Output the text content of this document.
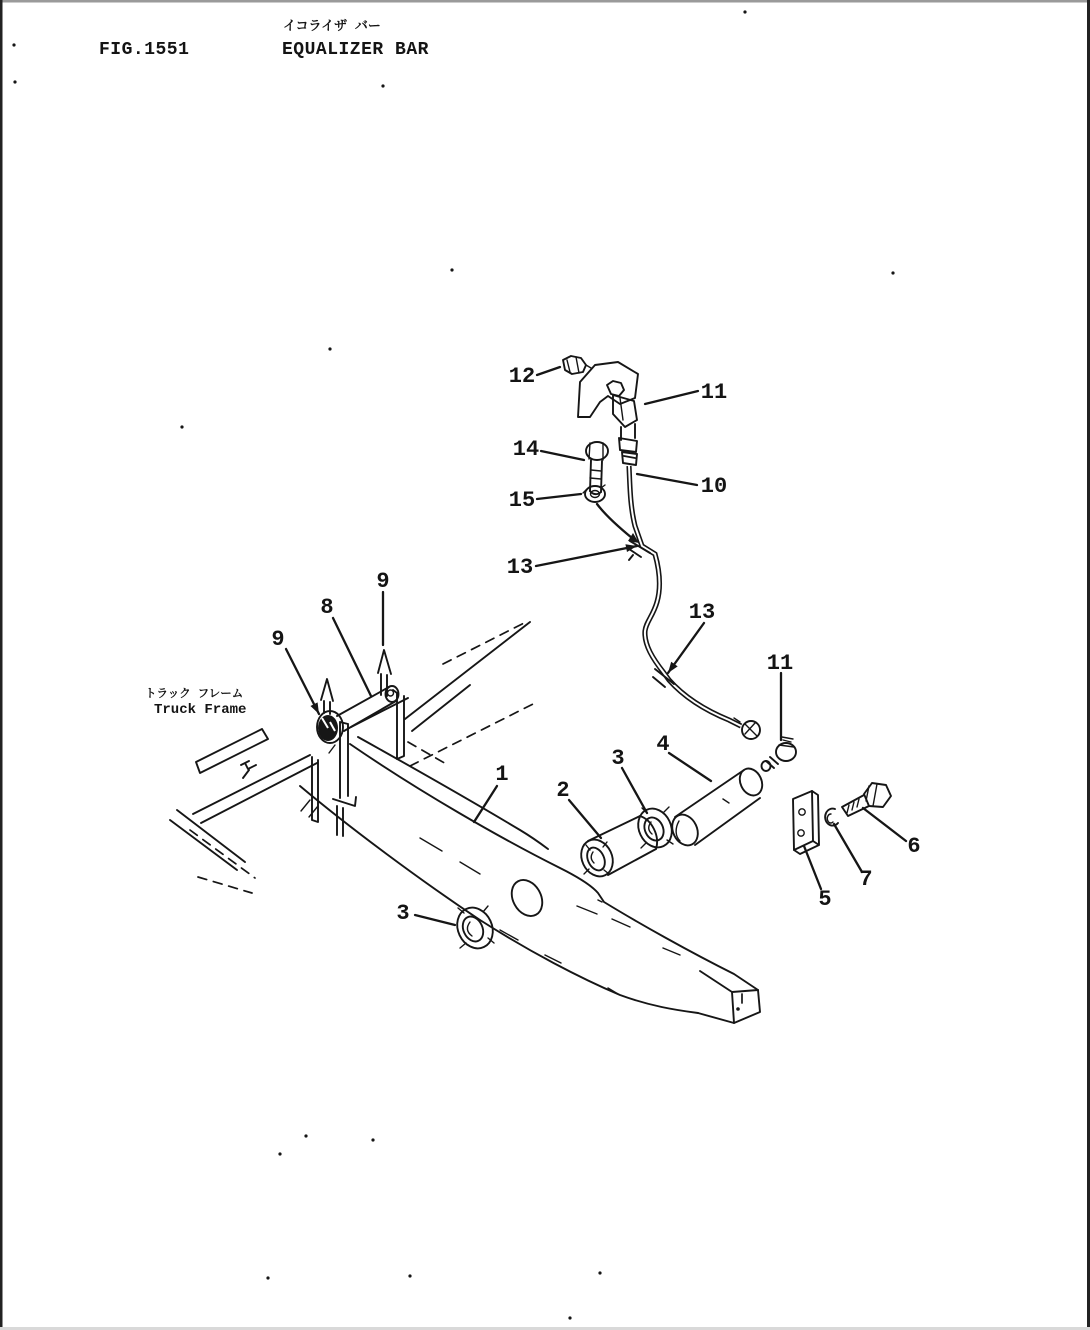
FIG.1551
イコライザ バー
EQUALIZER BAR
トラック フレーム
Truck Frame
12
11
14
10
15
13
13
9
8
9
11
1
2
3
4
6
7
5
3
